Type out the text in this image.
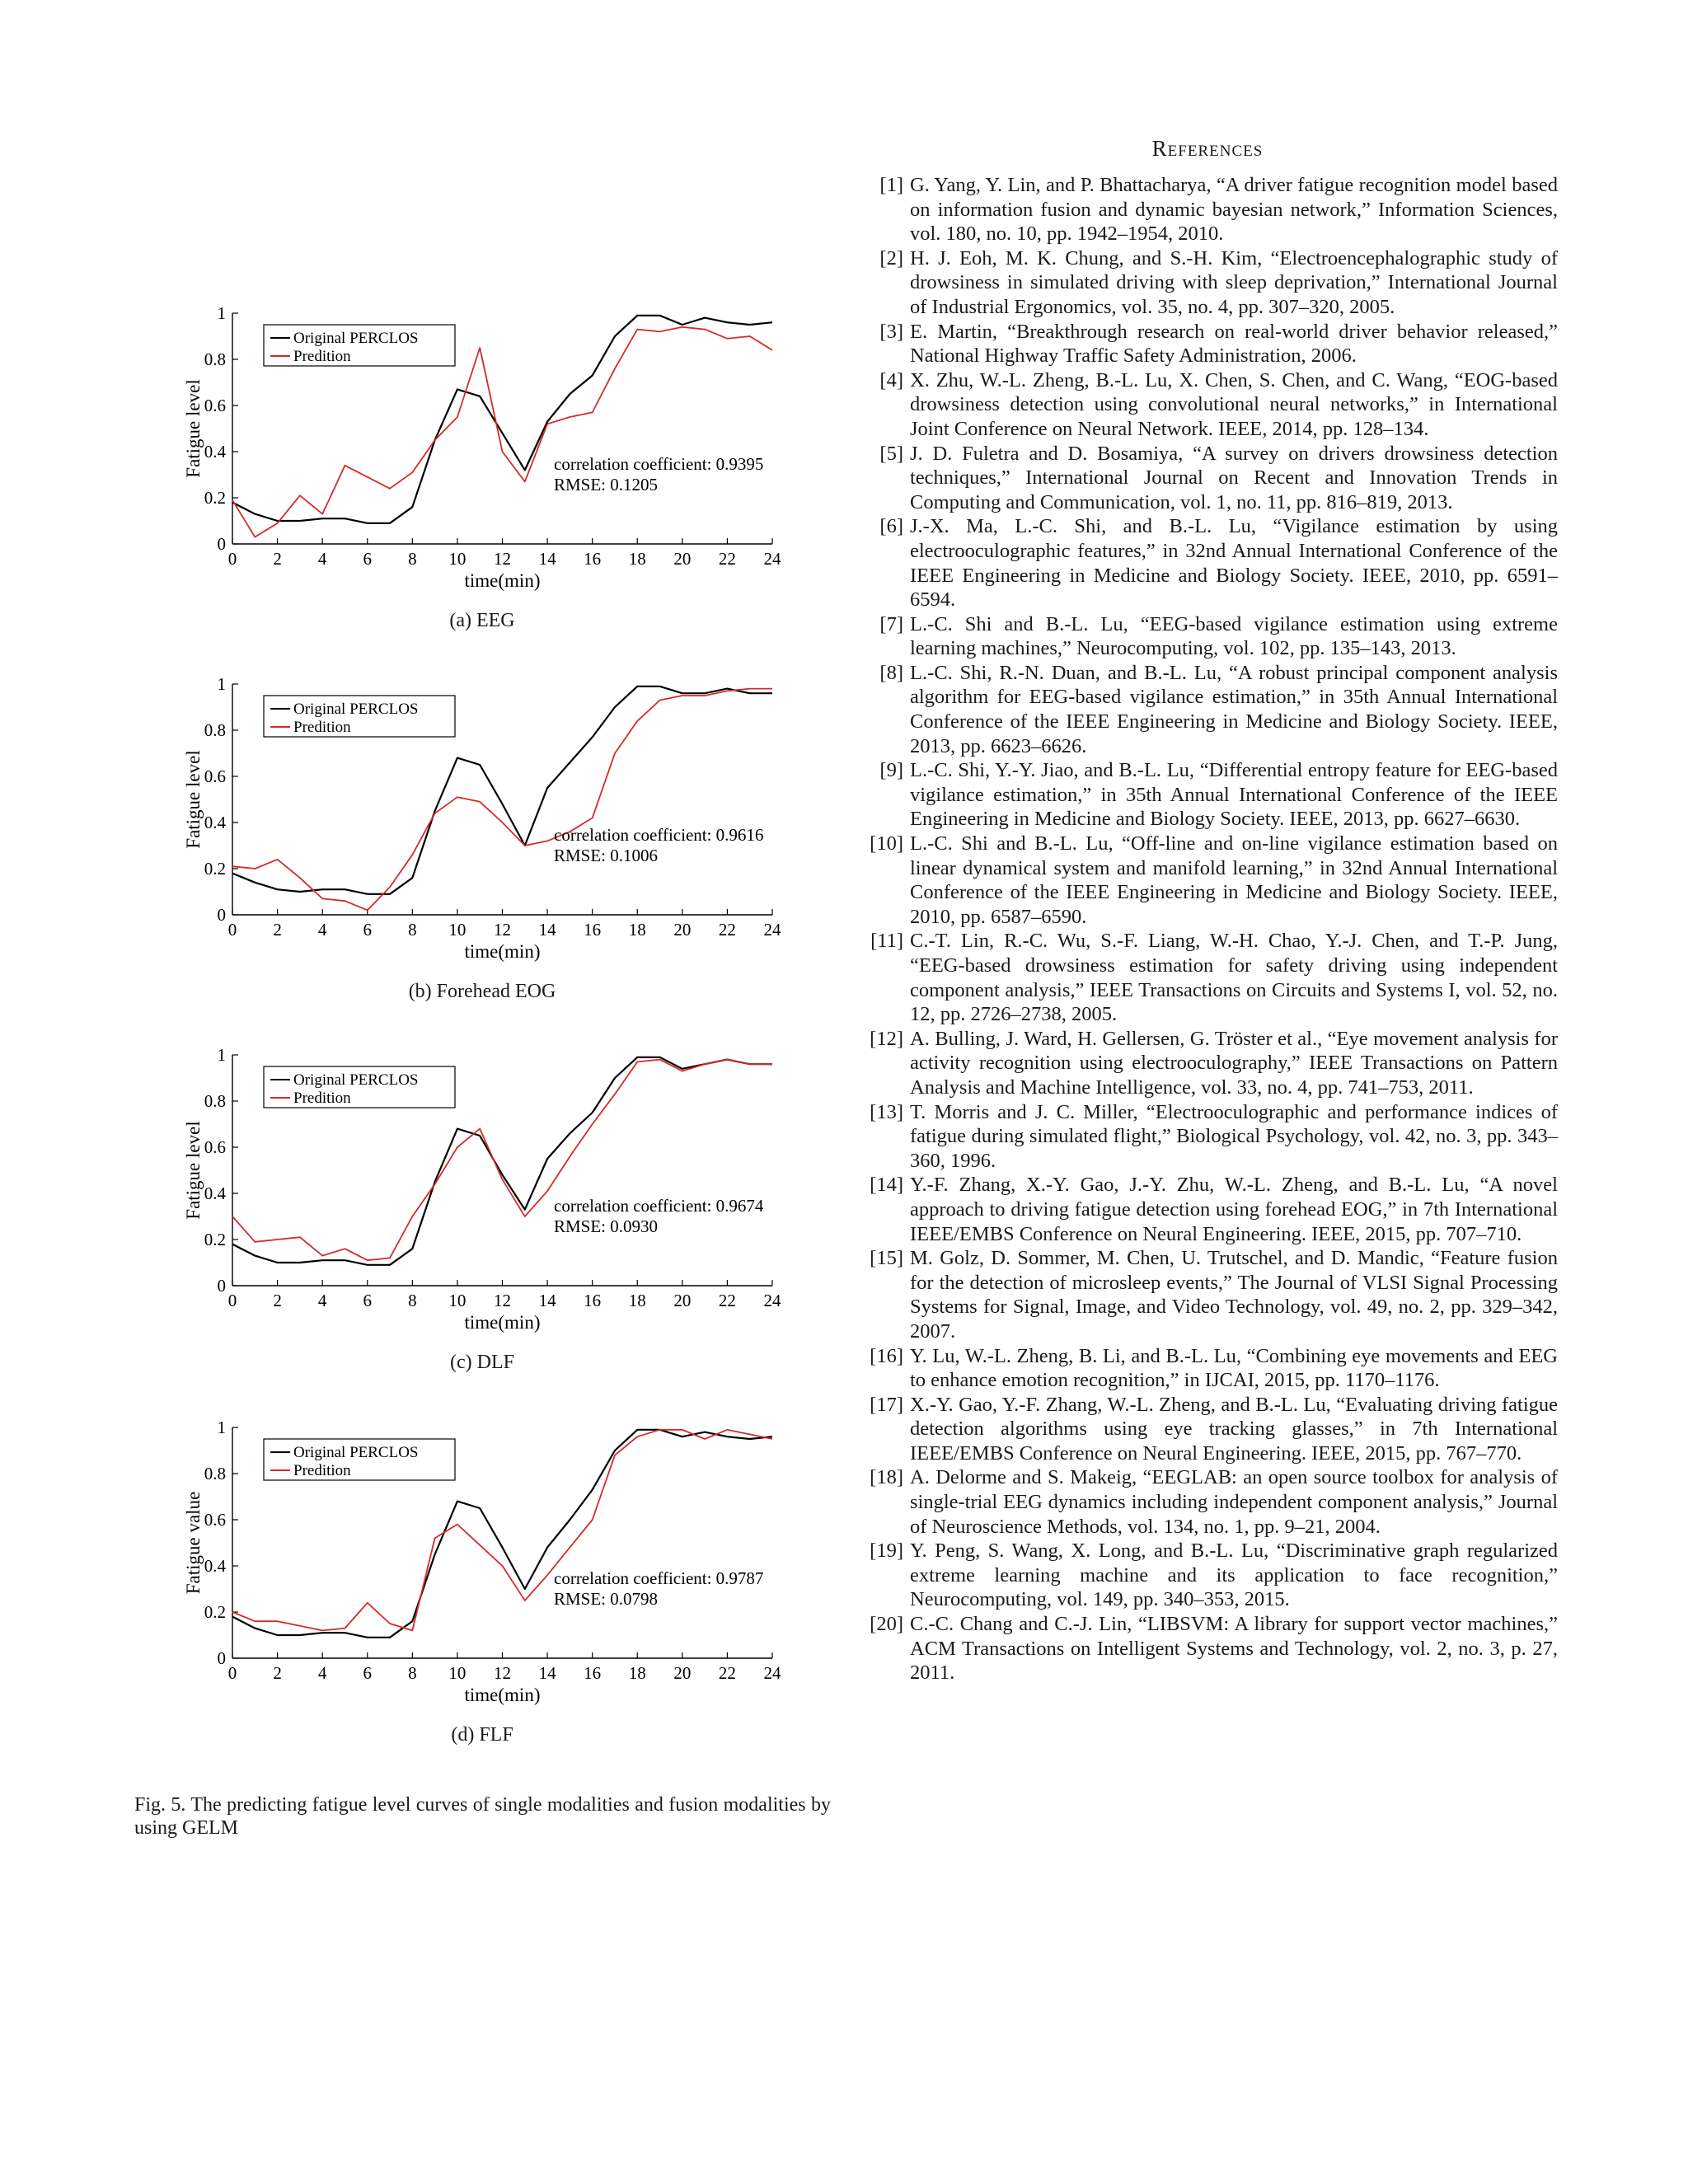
0 2 4 6 8 10 12 14 16 18 20 22 24
0
0.2
0.4
0.6
0.8
1
time(min)
Fatigue level
Original PERCLOS
Predition
correlation coefficient: 0.9395
RMSE: 0.1205
(a) EEG
0 2 4 6 8 10 12 14 16 18 20 22 24
0
0.2
0.4
0.6
0.8
1
time(min)
Fatigue level
Original PERCLOS
Predition
correlation coefficient: 0.9616
RMSE: 0.1006
(b) Forehead EOG
0 2 4 6 8 10 12 14 16 18 20 22 24
0
0.2
0.4
0.6
0.8
1
time(min)
Fatigue level
Original PERCLOS
Predition
correlation coefficient: 0.9674
RMSE: 0.0930
(c) DLF
0 2 4 6 8 10 12 14 16 18 20 22 24
0
0.2
0.4
0.6
0.8
1
time(min)
Fatigue value
Original PERCLOS
Predition
correlation coefficient: 0.9787
RMSE: 0.0798
(d) FLF

Fig. 5. The predicting fatigue level curves of single modalities and fusion modalities by using GELM

References

[1] G. Yang, Y. Lin, and P. Bhattacharya, “A driver fatigue recognition model based on information fusion and dynamic bayesian network,” Information Sciences, vol. 180, no. 10, pp. 1942–1954, 2010.

[2] H. J. Eoh, M. K. Chung, and S.-H. Kim, “Electroencephalographic study of drowsiness in simulated driving with sleep deprivation,” International Journal of Industrial Ergonomics, vol. 35, no. 4, pp. 307–320, 2005.

[3] E. Martin, “Breakthrough research on real-world driver behavior released,” National Highway Traffic Safety Administration, 2006.

[4] X. Zhu, W.-L. Zheng, B.-L. Lu, X. Chen, S. Chen, and C. Wang, “EOG-based drowsiness detection using convolutional neural networks,” in International Joint Conference on Neural Network. IEEE, 2014, pp. 128–134.

[5] J. D. Fuletra and D. Bosamiya, “A survey on drivers drowsiness detection techniques,” International Journal on Recent and Innovation Trends in Computing and Communication, vol. 1, no. 11, pp. 816–819, 2013.

[6] J.-X. Ma, L.-C. Shi, and B.-L. Lu, “Vigilance estimation by using electrooculographic features,” in 32nd Annual International Conference of the IEEE Engineering in Medicine and Biology Society. IEEE, 2010, pp. 6591–6594.

[7] L.-C. Shi and B.-L. Lu, “EEG-based vigilance estimation using extreme learning machines,” Neurocomputing, vol. 102, pp. 135–143, 2013.

[8] L.-C. Shi, R.-N. Duan, and B.-L. Lu, “A robust principal component analysis algorithm for EEG-based vigilance estimation,” in 35th Annual International Conference of the IEEE Engineering in Medicine and Biology Society. IEEE, 2013, pp. 6623–6626.

[9] L.-C. Shi, Y.-Y. Jiao, and B.-L. Lu, “Differential entropy feature for EEG-based vigilance estimation,” in 35th Annual International Conference of the IEEE Engineering in Medicine and Biology Society. IEEE, 2013, pp. 6627–6630.

[10] L.-C. Shi and B.-L. Lu, “Off-line and on-line vigilance estimation based on linear dynamical system and manifold learning,” in 32nd Annual International Conference of the IEEE Engineering in Medicine and Biology Society. IEEE, 2010, pp. 6587–6590.

[11] C.-T. Lin, R.-C. Wu, S.-F. Liang, W.-H. Chao, Y.-J. Chen, and T.-P. Jung, “EEG-based drowsiness estimation for safety driving using independent component analysis,” IEEE Transactions on Circuits and Systems I, vol. 52, no. 12, pp. 2726–2738, 2005.

[12] A. Bulling, J. Ward, H. Gellersen, G. Tröster et al., “Eye movement analysis for activity recognition using electrooculography,” IEEE Transactions on Pattern Analysis and Machine Intelligence, vol. 33, no. 4, pp. 741–753, 2011.

[13] T. Morris and J. C. Miller, “Electrooculographic and performance indices of fatigue during simulated flight,” Biological Psychology, vol. 42, no. 3, pp. 343–360, 1996.

[14] Y.-F. Zhang, X.-Y. Gao, J.-Y. Zhu, W.-L. Zheng, and B.-L. Lu, “A novel approach to driving fatigue detection using forehead EOG,” in 7th International IEEE/EMBS Conference on Neural Engineering. IEEE, 2015, pp. 707–710.

[15] M. Golz, D. Sommer, M. Chen, U. Trutschel, and D. Mandic, “Feature fusion for the detection of microsleep events,” The Journal of VLSI Signal Processing Systems for Signal, Image, and Video Technology, vol. 49, no. 2, pp. 329–342, 2007.

[16] Y. Lu, W.-L. Zheng, B. Li, and B.-L. Lu, “Combining eye movements and EEG to enhance emotion recognition,” in IJCAI, 2015, pp. 1170–1176.

[17] X.-Y. Gao, Y.-F. Zhang, W.-L. Zheng, and B.-L. Lu, “Evaluating driving fatigue detection algorithms using eye tracking glasses,” in 7th International IEEE/EMBS Conference on Neural Engineering. IEEE, 2015, pp. 767–770.

[18] A. Delorme and S. Makeig, “EEGLAB: an open source toolbox for analysis of single-trial EEG dynamics including independent component analysis,” Journal of Neuroscience Methods, vol. 134, no. 1, pp. 9–21, 2004.

[19] Y. Peng, S. Wang, X. Long, and B.-L. Lu, “Discriminative graph regularized extreme learning machine and its application to face recognition,” Neurocomputing, vol. 149, pp. 340–353, 2015.

[20] C.-C. Chang and C.-J. Lin, “LIBSVM: A library for support vector machines,” ACM Transactions on Intelligent Systems and Technology, vol. 2, no. 3, p. 27, 2011.
